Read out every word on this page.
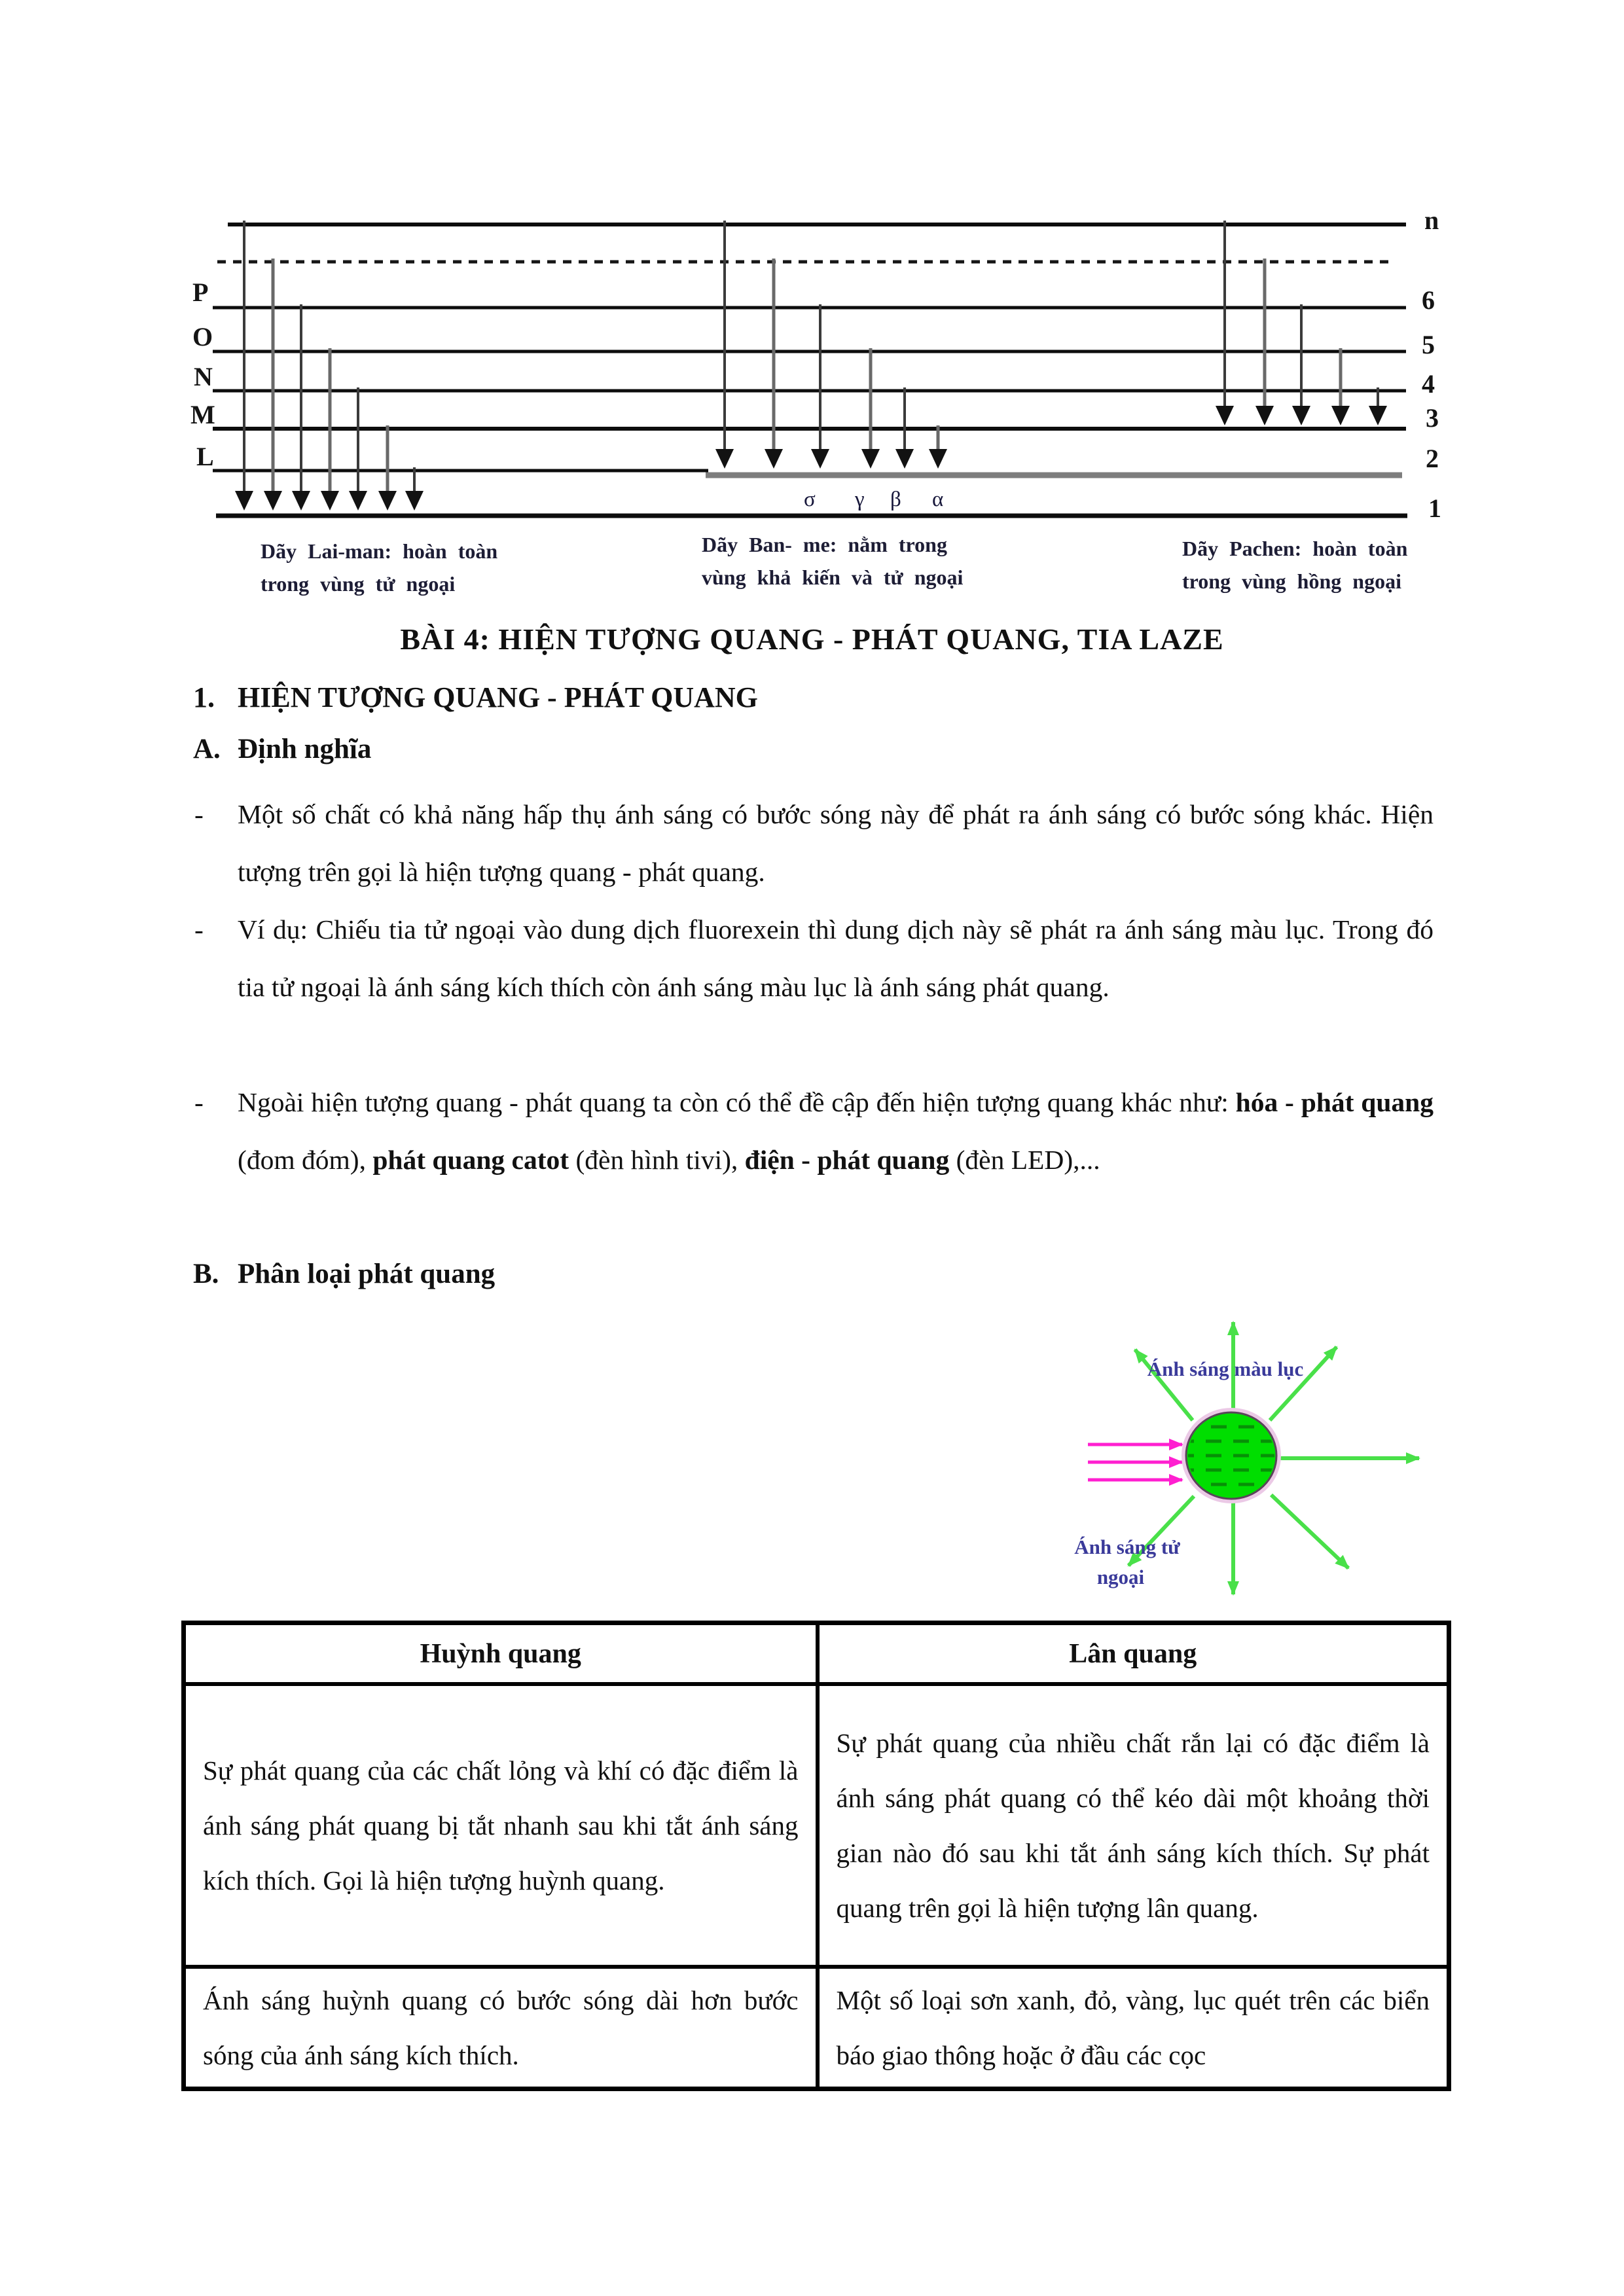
P
O
N
M
L
n
6
5
4
3
2
1
σ γ β α
Dãy Lai-man: hoàn toàn
trong vùng tử ngoại
Dãy Ban- me: nằm trong
vùng khả kiến và tử ngoại
Dãy Pachen: hoàn toàn
trong vùng hồng ngoại
BÀI 4: HIỆN TƯỢNG QUANG - PHÁT QUANG, TIA LAZE
1. HIỆN TƯỢNG QUANG - PHÁT QUANG
A. Định nghĩa

- Một số chất có khả năng hấp thụ ánh sáng có bước sóng này để phát ra ánh sáng có bước sóng khác. Hiện tượng trên gọi là hiện tượng quang - phát quang.

- Ví dụ: Chiếu tia tử ngoại vào dung dịch fluorexein thì dung dịch này sẽ phát ra ánh sáng màu lục. Trong đó tia tử ngoại là ánh sáng kích thích còn ánh sáng màu lục là ánh sáng phát quang.

- Ngoài hiện tượng quang - phát quang ta còn có thể đề cập đến hiện tượng quang khác như: hóa - phát quang (đom đóm), phát quang catot (đèn hình tivi), điện - phát quang (đèn LED),...

B. Phân loại phát quang
Ánh sáng màu lục
Ánh sáng tử
ngoại
Huỳnh quang	Lân quang
Sự phát quang của các chất lỏng và khí có đặc điểm là ánh sáng phát quang bị tắt nhanh sau khi tắt ánh sáng kích thích. Gọi là hiện tượng huỳnh quang.	Sự phát quang của nhiều chất rắn lại có đặc điểm là ánh sáng phát quang có thể kéo dài một khoảng thời gian nào đó sau khi tắt ánh sáng kích thích. Sự phát quang trên gọi là hiện tượng lân quang.
Ánh sáng huỳnh quang có bước sóng dài hơn bước sóng của ánh sáng kích thích.	Một số loại sơn xanh, đỏ, vàng, lục quét trên các biển báo giao thông hoặc ở đầu các cọc
